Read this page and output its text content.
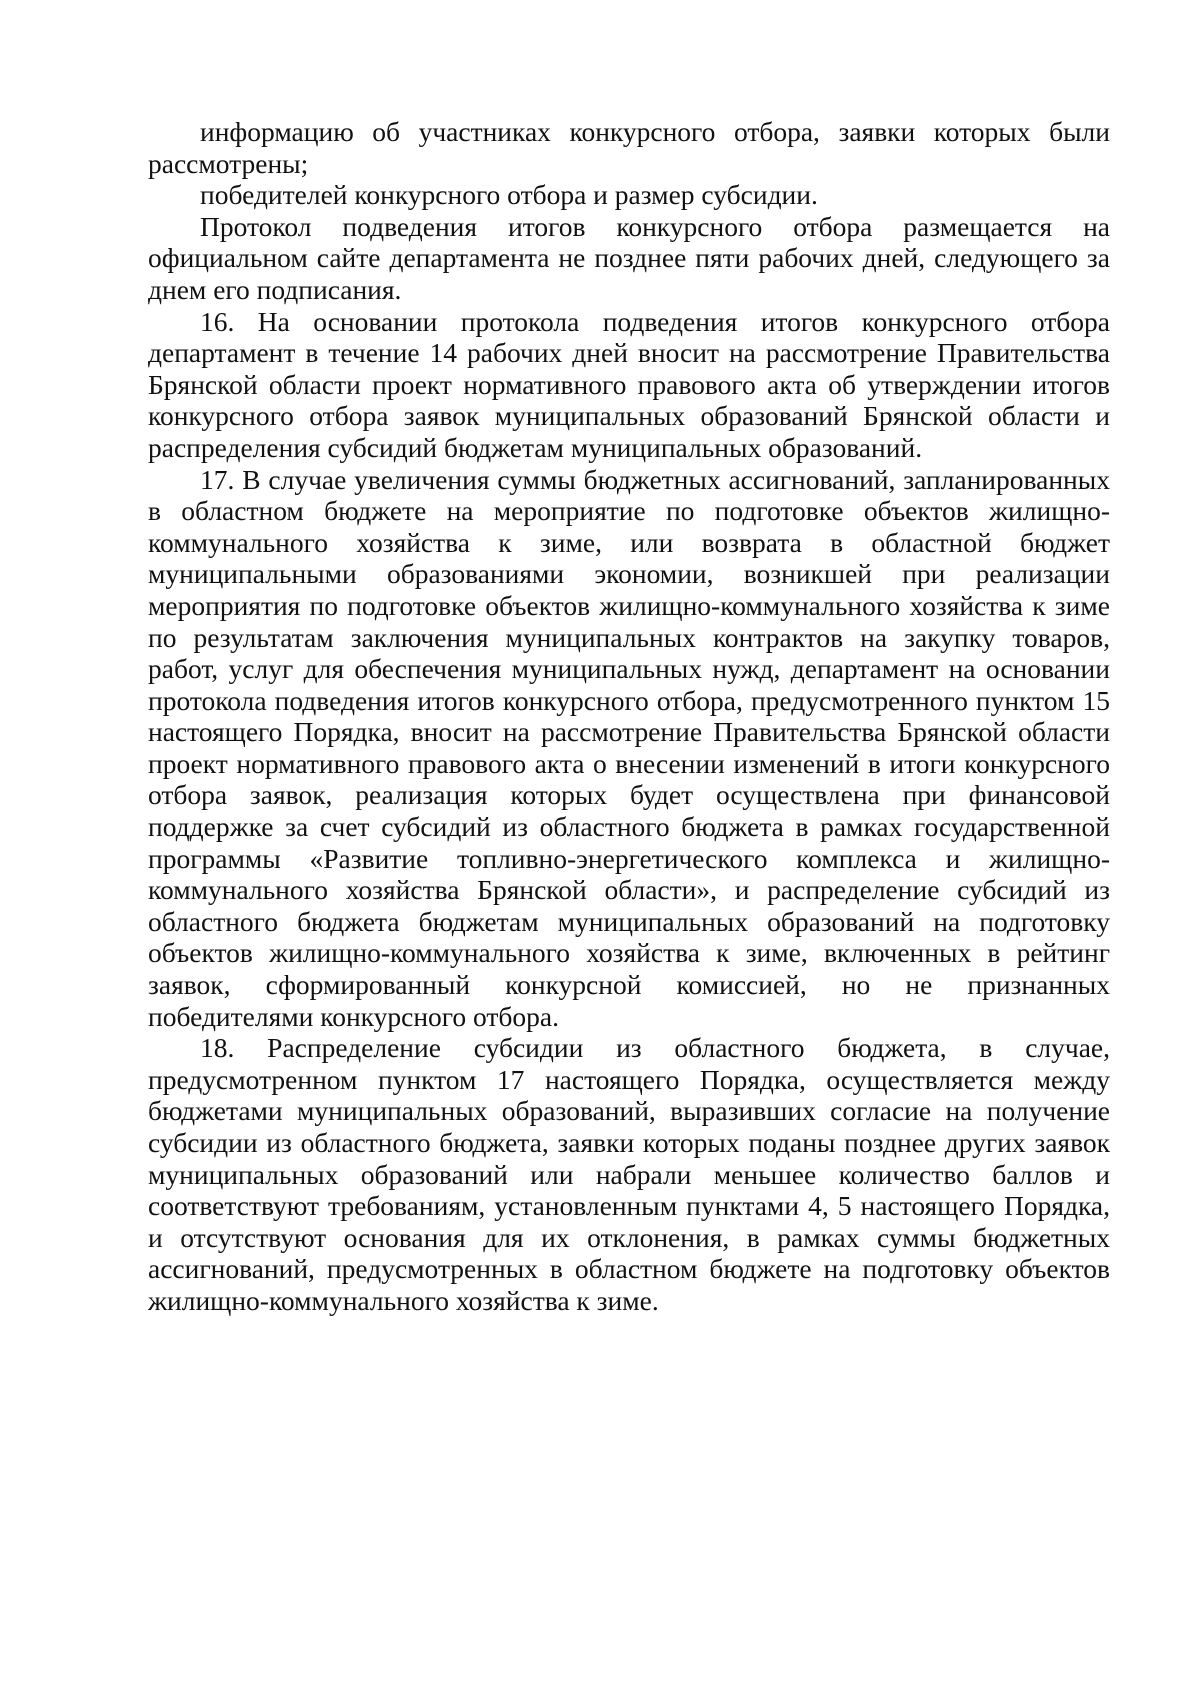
информацию об участниках конкурсного отбора, заявки которых были рассмотрены;

победителей конкурсного отбора и размер субсидии.

Протокол подведения итогов конкурсного отбора размещается на официальном сайте департамента не позднее пяти рабочих дней, следующего за днем его подписания.

16. На основании протокола подведения итогов конкурсного отбора департамент в течение 14 рабочих дней вносит на рассмотрение Правительства Брянской области проект нормативного правового акта об утверждении итогов конкурсного отбора заявок муниципальных образований Брянской области и распределения субсидий бюджетам муниципальных образований.

17. В случае увеличения суммы бюджетных ассигнований, запланированных в областном бюджете на мероприятие по подготовке объектов жилищно-коммунального хозяйства к зиме, или возврата в областной бюджет муниципальными образованиями экономии, возникшей при реализации мероприятия по подготовке объектов жилищно-коммунального хозяйства к зиме по результатам заключения муниципальных контрактов на закупку товаров, работ, услуг для обеспечения муниципальных нужд, департамент на основании протокола подведения итогов конкурсного отбора, предусмотренного пунктом 15 настоящего Порядка, вносит на рассмотрение Правительства Брянской области проект нормативного правового акта о внесении изменений в итоги конкурсного отбора заявок, реализация которых будет осуществлена при финансовой поддержке за счет субсидий из областного бюджета в рамках государственной программы «Развитие топливно-энергетического комплекса и жилищно-коммунального хозяйства Брянской области», и распределение субсидий из областного бюджета бюджетам муниципальных образований на подготовку объектов жилищно-коммунального хозяйства к зиме, включенных в рейтинг заявок, сформированный конкурсной комиссией, но не признанных победителями конкурсного отбора.

18. Распределение субсидии из областного бюджета, в случае, предусмотренном пунктом 17 настоящего Порядка, осуществляется между бюджетами муниципальных образований, выразивших согласие на получение субсидии из областного бюджета, заявки которых поданы позднее других заявок муниципальных образований или набрали меньшее количество баллов и соответствуют требованиям, установленным пунктами 4, 5 настоящего Порядка, и отсутствуют основания для их отклонения, в рамках суммы бюджетных ассигнований, предусмотренных в областном бюджете на подготовку объектов жилищно-коммунального хозяйства к зиме.
